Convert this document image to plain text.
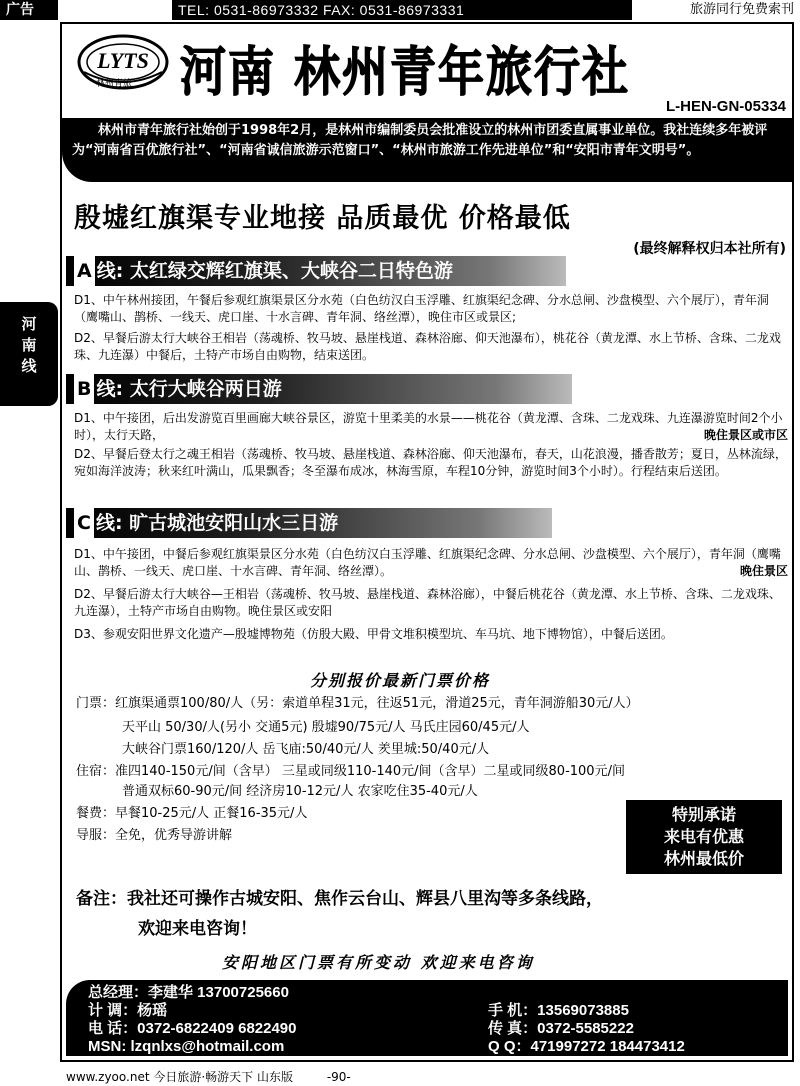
广告	TEL: 0531-86973332 FAX: 0531-86973331	旅游同行免费索刊
LYTS
林州青旅 河南 林州青年旅行社
L-HEN-GN-05334
林州市青年旅行社始创于1998年2月，是林州市编制委员会批准设立的林州市团委直属事业单位。我社连续多年被评为“河南省百优旅行社”、“河南省诚信旅游示范窗口”、“林州市旅游工作先进单位”和“安阳市青年文明号”。
殷墟红旗渠专业地接 品质最优 价格最低
(最终解释权归本社所有)
河南线
A 线: 太红绿交辉红旗渠、大峡谷二日特色游
D1、中午林州接团，午餐后参观红旗渠景区分水苑（白色纺汉白玉浮雕、红旗渠纪念碑、分水总闸、沙盘模型、六个展厅），青年洞（鹰嘴山、鹊桥、一线天、虎口崖、十水言碑、青年洞、络丝潭），晚住市区或景区;
D2、早餐后游太行大峡谷王相岩（荡魂桥、牧马坡、悬崖栈道、森林浴廊、仰天池瀑布），桃花谷（黄龙潭、水上节桥、含珠、二龙戏珠、九连瀑）中餐后，土特产市场自由购物，结束送团。
B 线: 太行大峡谷两日游
D1、中午接团，后出发游览百里画廊大峡谷景区，游览十里柔美的水景——桃花谷（黄龙潭、含珠、二龙戏珠、九连瀑游览时间2个小时），太行天路，	晚住景区或市区
D2、早餐后登太行之魂王相岩（荡魂桥、牧马坡、悬崖栈道、森林浴廊、仰天池瀑布，春天，山花浪漫，播香散芳；夏日，丛林流绿，宛如海洋波涛；秋来红叶满山，瓜果飘香；冬至瀑布成冰，林海雪原，车程10分钟，游览时间3个小时）。行程结束后送团。
C 线: 旷古城池安阳山水三日游
D1、中午接团，中餐后参观红旗渠景区分水苑（白色纺汉白玉浮雕、红旗渠纪念碑、分水总闸、沙盘模型、六个展厅），青年洞（鹰嘴山、鹊桥、一线天、虎口崖、十水言碑、青年洞、络丝潭）。	晚住景区
D2、早餐后游太行大峡谷—王相岩（荡魂桥、牧马坡、悬崖栈道、森林浴廊），中餐后桃花谷（黄龙潭、水上节桥、含珠、二龙戏珠、九连瀑），土特产市场自由购物。晚住景区或安阳
D3、参观安阳世界文化遗产—殷墟博物苑（仿殷大殿、甲骨文堆积模型坑、车马坑、地下博物馆），中餐后送团。
分别报价最新门票价格
门票：红旗渠通票100/80/人（另：索道单程31元，往返51元，滑道25元，青年洞游船30元/人）
天平山 50/30/人(另小 交通5元) 殷墟90/75元/人 马氏庄园60/45元/人
大峡谷门票160/120/人 岳飞庙:50/40元/人 羑里城:50/40元/人
住宿：准四140-150元/间（含早） 三星或同级110-140元/间（含早）二星或同级80-100元/间
普通双标60-90元/间 经济房10-12元/人 农家吃住35-40元/人
餐费：早餐10-25元/人 正餐16-35元/人
导服：全免，优秀导游讲解
特别承诺
来电有优惠
林州最低价
备注：我社还可操作古城安阳、焦作云台山、辉县八里沟等多条线路，
欢迎来电咨询！
安阳地区门票有所变动 欢迎来电咨询
总经理：李建华 13700725660
计 调：杨瑶
电 话：0372-6822409 6822490
MSN: lzqnlxs@hotmail.com
手 机：13569073885
传 真：0372-5585222
Q Q：471997272 184473412
www.zyoo.net 今日旅游·畅游天下 山东版	-90-
